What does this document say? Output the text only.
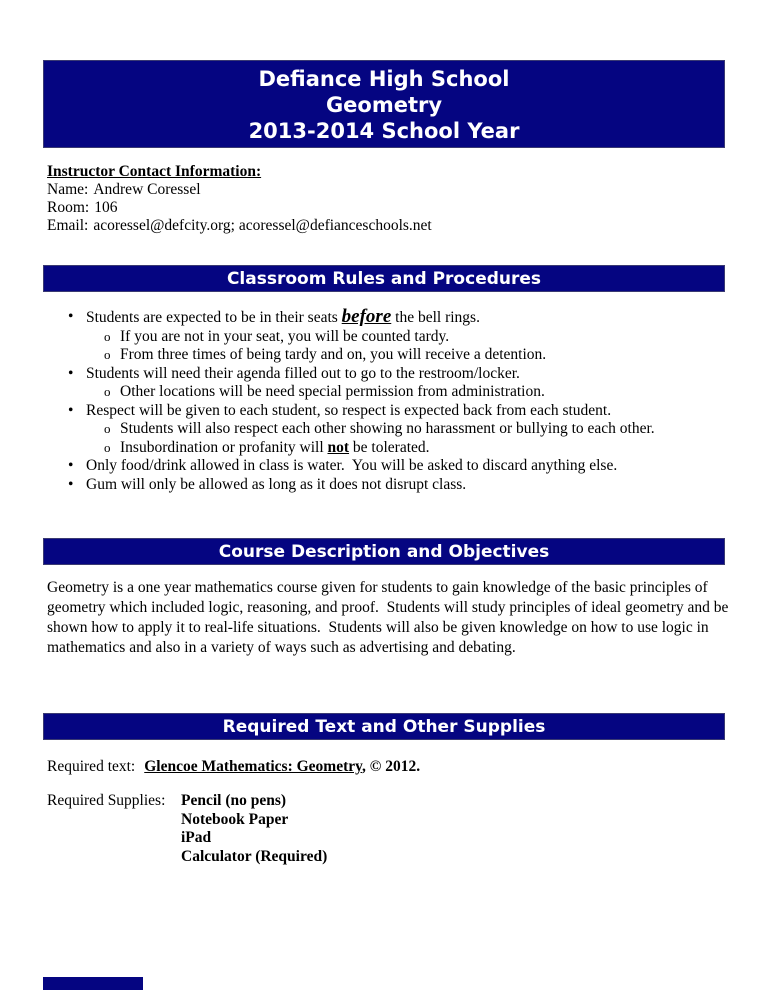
Defiance High School
Geometry
2013-2014 School Year
Instructor Contact Information:
Name: Andrew Coressel
Room: 106
Email: acoressel@defcity.org; acoressel@defianceschools.net
Classroom Rules and Procedures
• Students are expected to be in their seats before the bell rings.
o If you are not in your seat, you will be counted tardy.
o From three times of being tardy and on, you will receive a detention.
• Students will need their agenda filled out to go to the restroom/locker.
o Other locations will be need special permission from administration.
• Respect will be given to each student, so respect is expected back from each student.
o Students will also respect each other showing no harassment or bullying to each other.
o Insubordination or profanity will not be tolerated.
• Only food/drink allowed in class is water.  You will be asked to discard anything else.
• Gum will only be allowed as long as it does not disrupt class.
Course Description and Objectives
Geometry is a one year mathematics course given for students to gain knowledge of the basic principles of geometry which included logic, reasoning, and proof.  Students will study principles of ideal geometry and be shown how to apply it to real-life situations.  Students will also be given knowledge on how to use logic in mathematics and also in a variety of ways such as advertising and debating.
Required Text and Other Supplies
Required text: Glencoe Mathematics: Geometry, © 2012.
Required Supplies: Pencil (no pens)
Notebook Paper
iPad
Calculator (Required)
